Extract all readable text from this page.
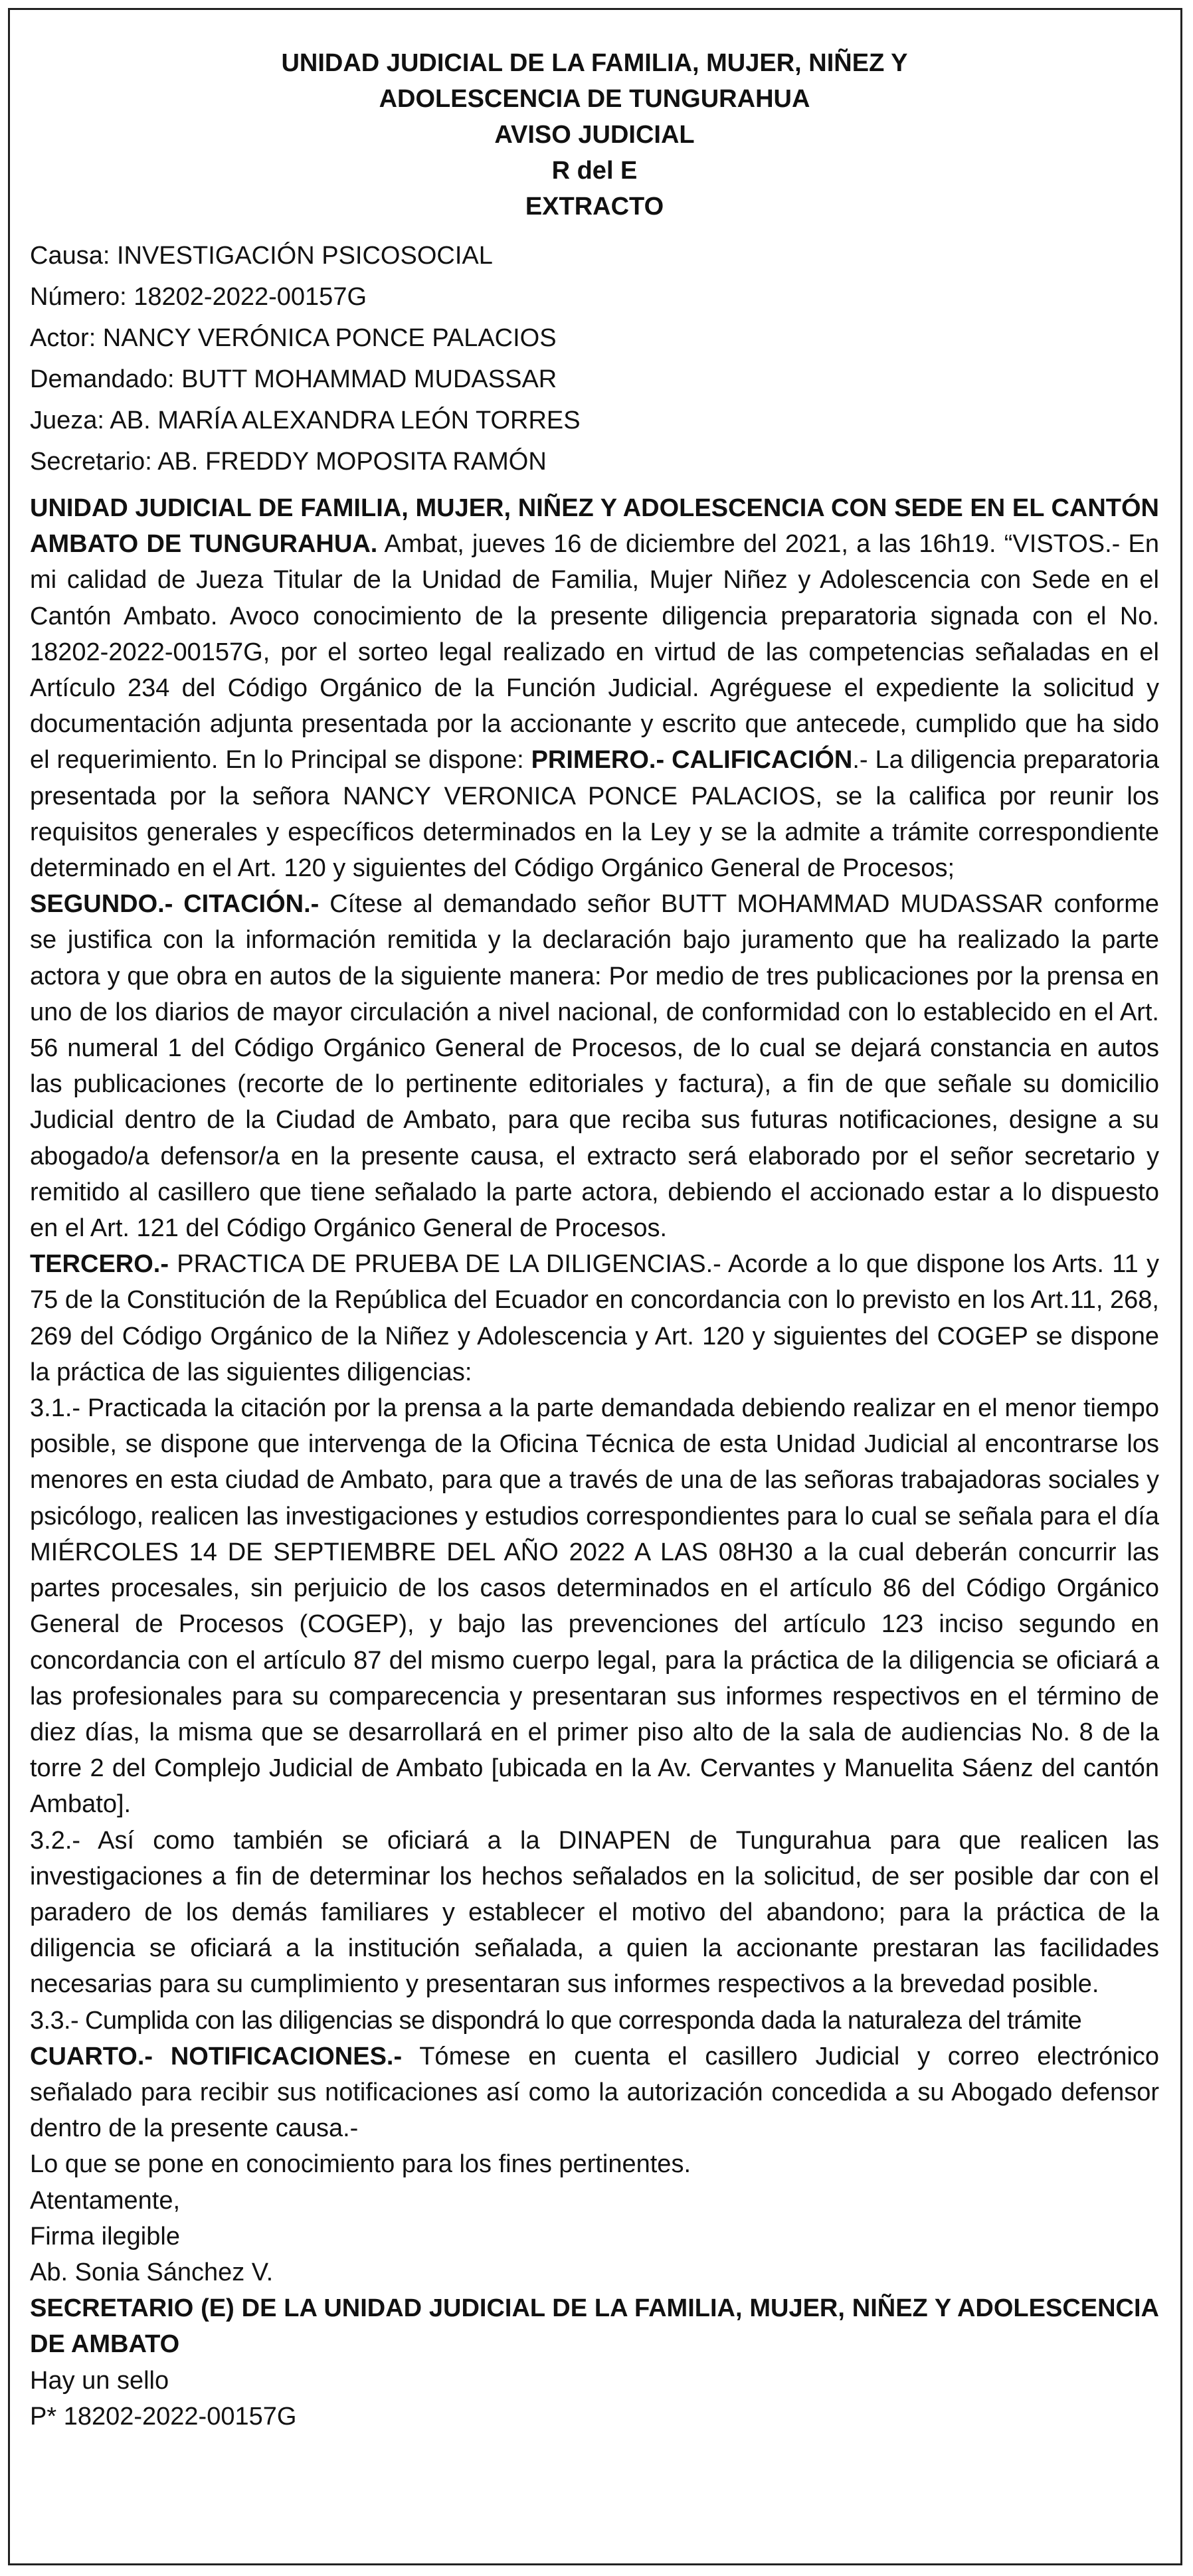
UNIDAD JUDICIAL DE LA FAMILIA, MUJER, NIÑEZ Y
ADOLESCENCIA DE TUNGURAHUA
AVISO JUDICIAL
R del E
EXTRACTO
Causa: INVESTIGACIÓN PSICOSOCIAL
Número: 18202-2022-00157G
Actor: NANCY VERÓNICA PONCE PALACIOS
Demandado: BUTT MOHAMMAD MUDASSAR
Jueza: AB. MARÍA ALEXANDRA LEÓN TORRES
Secretario: AB. FREDDY MOPOSITA RAMÓN

UNIDAD JUDICIAL DE FAMILIA, MUJER, NIÑEZ Y ADOLESCENCIA CON SEDE EN EL CANTÓN AMBATO DE TUNGURAHUA. Ambat, jueves 16 de diciembre del 2021, a las 16h19. “VISTOS.- En mi calidad de Jueza Titular de la Unidad de Familia, Mujer Niñez y Adolescencia con Sede en el Cantón Ambato. Avoco conocimiento de la presente diligencia preparatoria signada con el No. 18202-2022-00157G, por el sorteo legal realizado en virtud de las competencias señaladas en el Artículo 234 del Código Orgánico de la Función Judicial. Agréguese el expediente la solicitud y documentación adjunta presentada por la accionante y escrito que antecede, cumplido que ha sido el requerimiento. En lo Principal se dispone: PRIMERO.- CALIFICACIÓN.- La diligencia preparatoria presentada por la señora NANCY VERONICA PONCE PALACIOS, se la califica por reunir los requisitos generales y específicos determinados en la Ley y se la admite a trámite correspondiente determinado en el Art. 120 y siguientes del Código Orgánico General de Procesos;

SEGUNDO.- CITACIÓN.- Cítese al demandado señor BUTT MOHAMMAD MUDASSAR conforme se justifica con la información remitida y la declaración bajo juramento que ha realizado la parte actora y que obra en autos de la siguiente manera: Por medio de tres publicaciones por la prensa en uno de los diarios de mayor circulación a nivel nacional, de conformidad con lo establecido en el Art. 56 numeral 1 del Código Orgánico General de Procesos, de lo cual se dejará constancia en autos las publicaciones (recorte de lo pertinente editoriales y factura), a fin de que señale su domicilio Judicial dentro de la Ciudad de Ambato, para que reciba sus futuras notificaciones, designe a su abogado/a defensor/a en la presente causa, el extracto será elaborado por el señor secretario y remitido al casillero que tiene señalado la parte actora, debiendo el accionado estar a lo dispuesto en el Art. 121 del Código Orgánico General de Procesos.

TERCERO.- PRACTICA DE PRUEBA DE LA DILIGENCIAS.- Acorde a lo que dispone los Arts. 11 y 75 de la Constitución de la República del Ecuador en concordancia con lo previsto en los Art.11, 268, 269 del Código Orgánico de la Niñez y Adolescencia y Art. 120 y siguientes del COGEP se dispone la práctica de las siguientes diligencias:

3.1.- Practicada la citación por la prensa a la parte demandada debiendo realizar en el menor tiempo posible, se dispone que intervenga de la Oficina Técnica de esta Unidad Judicial al encontrarse los menores en esta ciudad de Ambato, para que a través de una de las señoras trabajadoras sociales y psicólogo, realicen las investigaciones y estudios correspondientes para lo cual se señala para el día MIÉRCOLES 14 DE SEPTIEMBRE DEL AÑO 2022 A LAS 08H30 a la cual deberán concurrir las partes procesales, sin perjuicio de los casos determinados en el artículo 86 del Código Orgánico General de Procesos (COGEP), y bajo las prevenciones del artículo 123 inciso segundo en concordancia con el artículo 87 del mismo cuerpo legal, para la práctica de la diligencia se oficiará a las profesionales para su comparecencia y presentaran sus informes respectivos en el término de diez días, la misma que se desarrollará en el primer piso alto de la sala de audiencias No. 8 de la torre 2 del Complejo Judicial de Ambato [ubicada en la Av. Cervantes y Manuelita Sáenz del cantón Ambato].

3.2.- Así como también se oficiará a la DINAPEN de Tungurahua para que realicen las investigaciones a fin de determinar los hechos señalados en la solicitud, de ser posible dar con el paradero de los demás familiares y establecer el motivo del abandono; para la práctica de la diligencia se oficiará a la institución señalada, a quien la accionante prestaran las facilidades necesarias para su cumplimiento y presentaran sus informes respectivos a la brevedad posible.

3.3.- Cumplida con las diligencias se dispondrá lo que corresponda dada la naturaleza del trámite

CUARTO.- NOTIFICACIONES.- Tómese en cuenta el casillero Judicial y correo electrónico señalado para recibir sus notificaciones así como la autorización concedida a su Abogado defensor dentro de la presente causa.-

Lo que se pone en conocimiento para los fines pertinentes.
Atentamente,
Firma ilegible
Ab. Sonia Sánchez V.

SECRETARIO (E) DE LA UNIDAD JUDICIAL DE LA FAMILIA, MUJER, NIÑEZ Y ADOLESCENCIA DE AMBATO

Hay un sello
P* 18202-2022-00157G
